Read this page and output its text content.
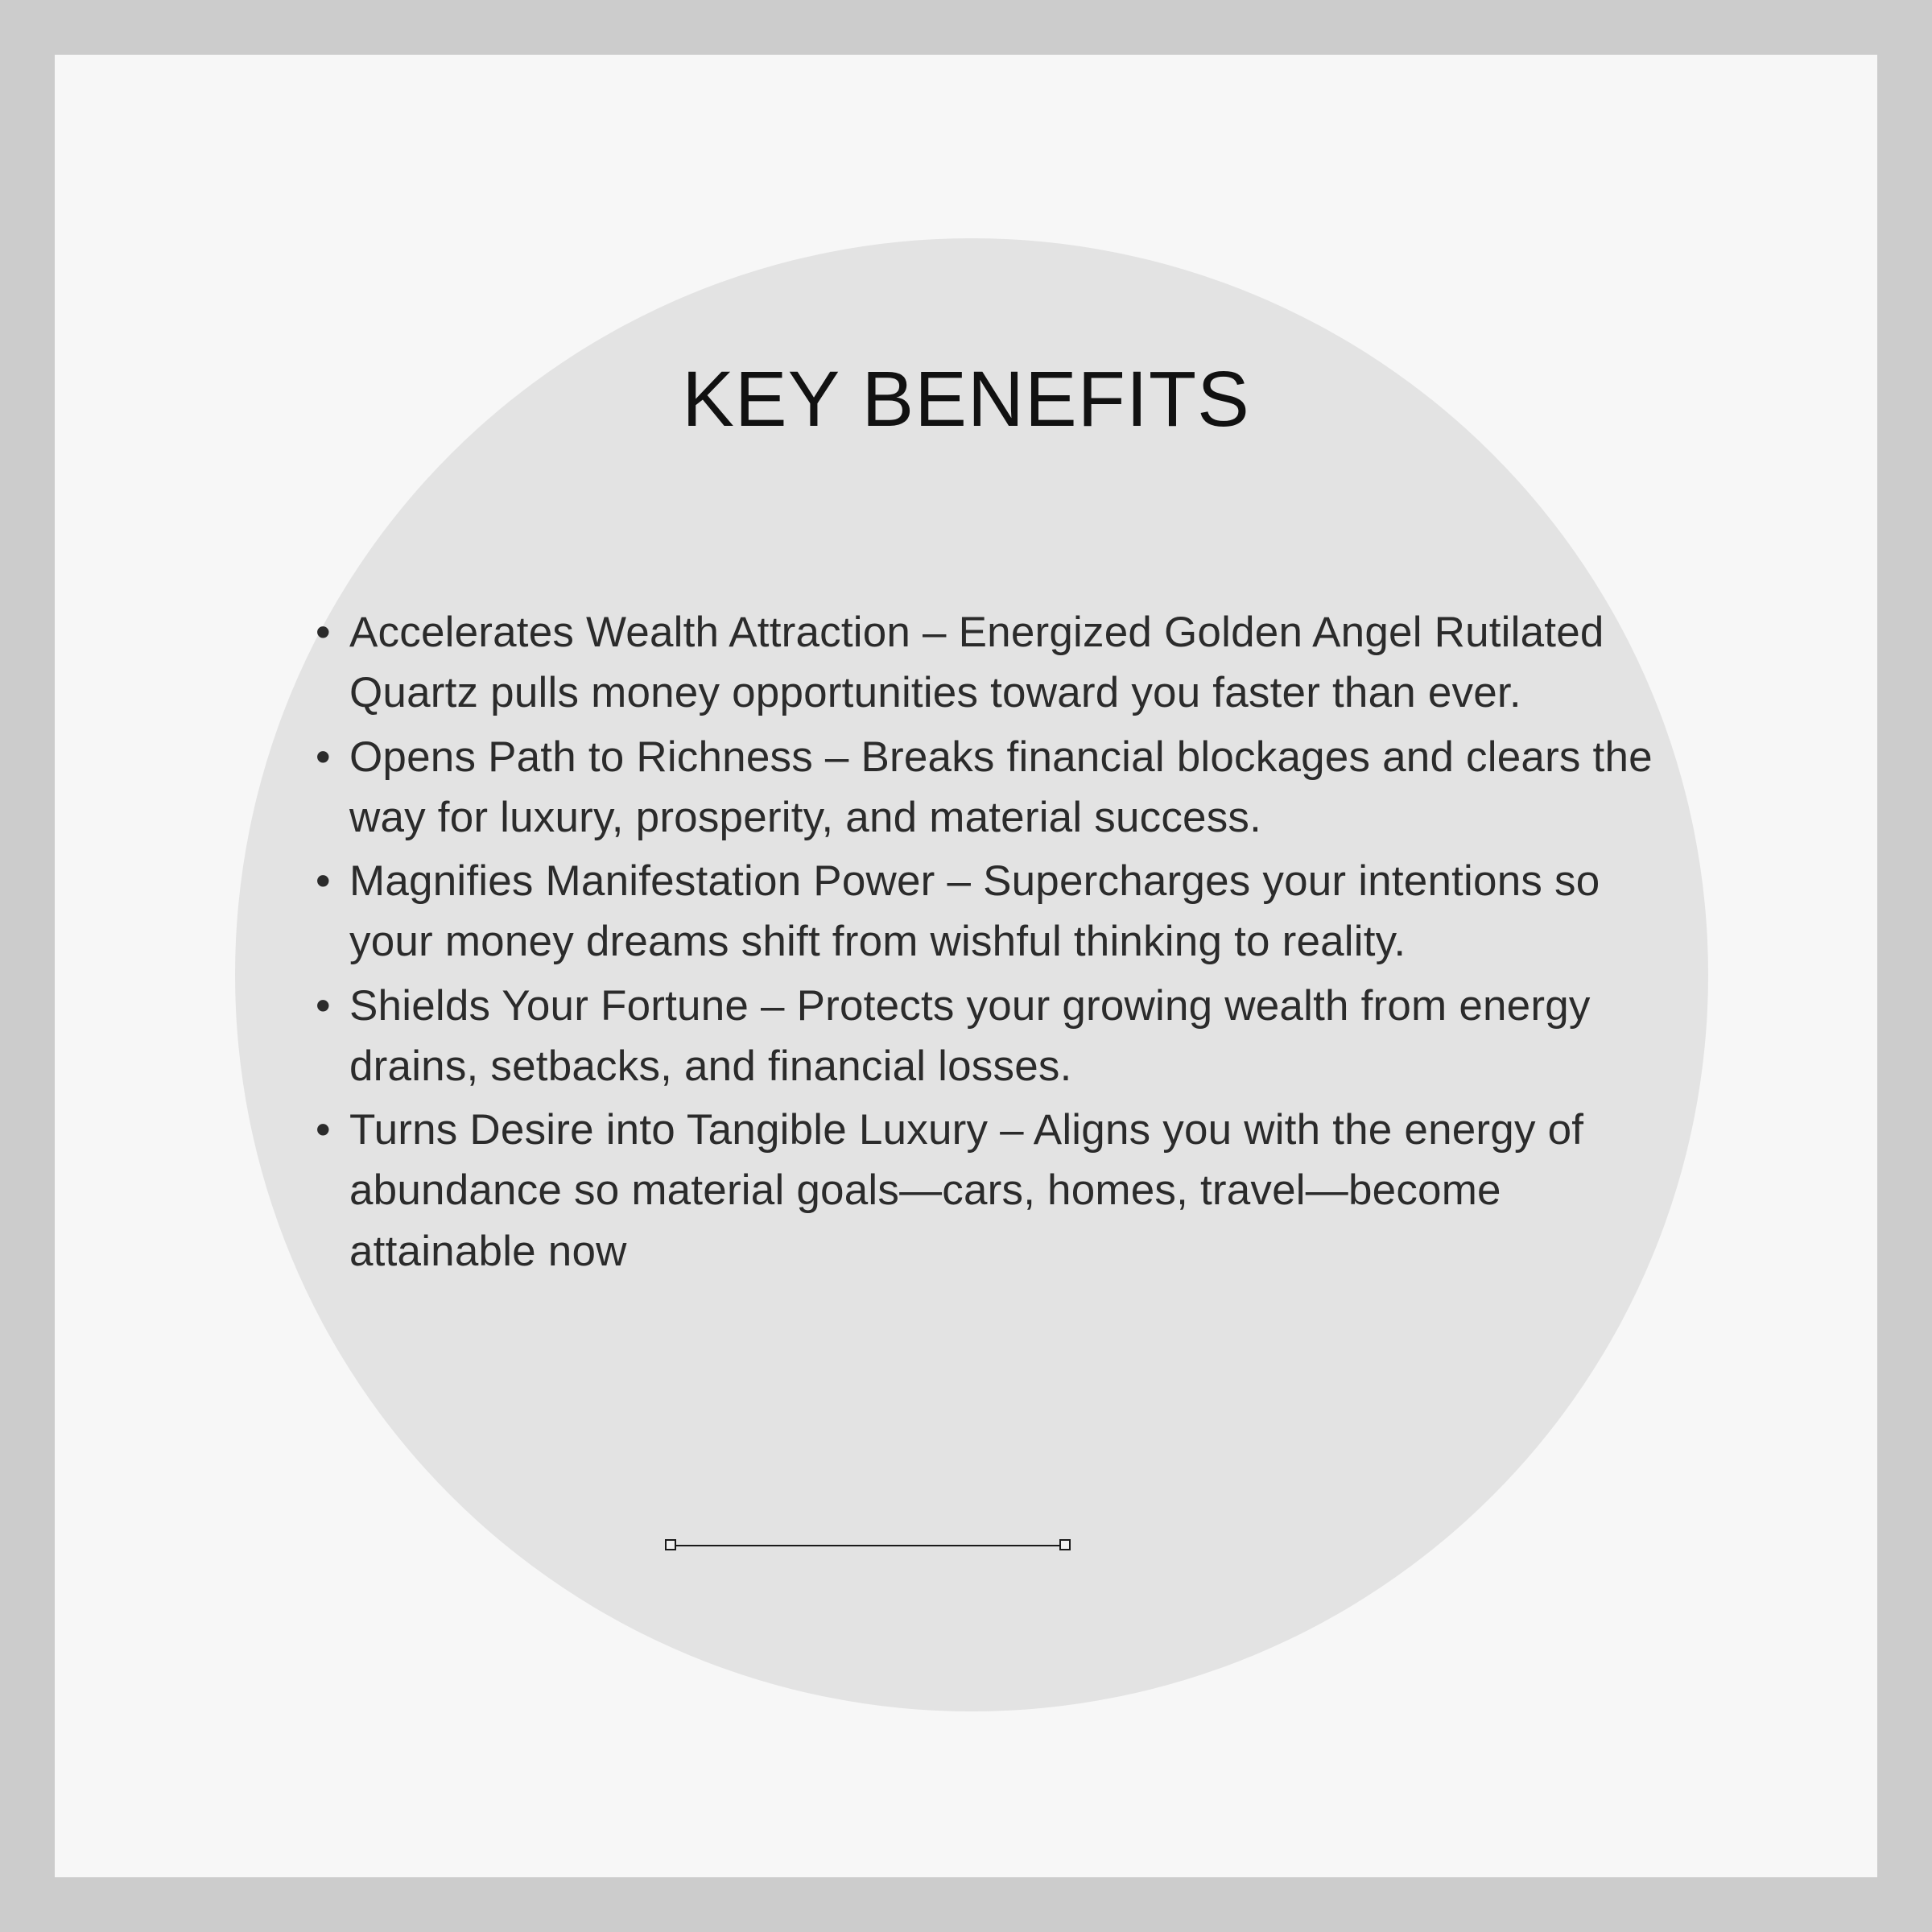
KEY BENEFITS
• Accelerates Wealth Attraction – Energized Golden Angel Rutilated Quartz pulls money opportunities toward you faster than ever.
• Opens Path to Richness – Breaks financial blockages and clears the way for luxury, prosperity, and material success.
• Magnifies Manifestation Power – Supercharges your intentions so your money dreams shift from wishful thinking to reality.
• Shields Your Fortune – Protects your growing wealth from energy drains, setbacks, and financial losses.
• Turns Desire into Tangible Luxury – Aligns you with the energy of abundance so material goals—cars, homes, travel—become attainable now
